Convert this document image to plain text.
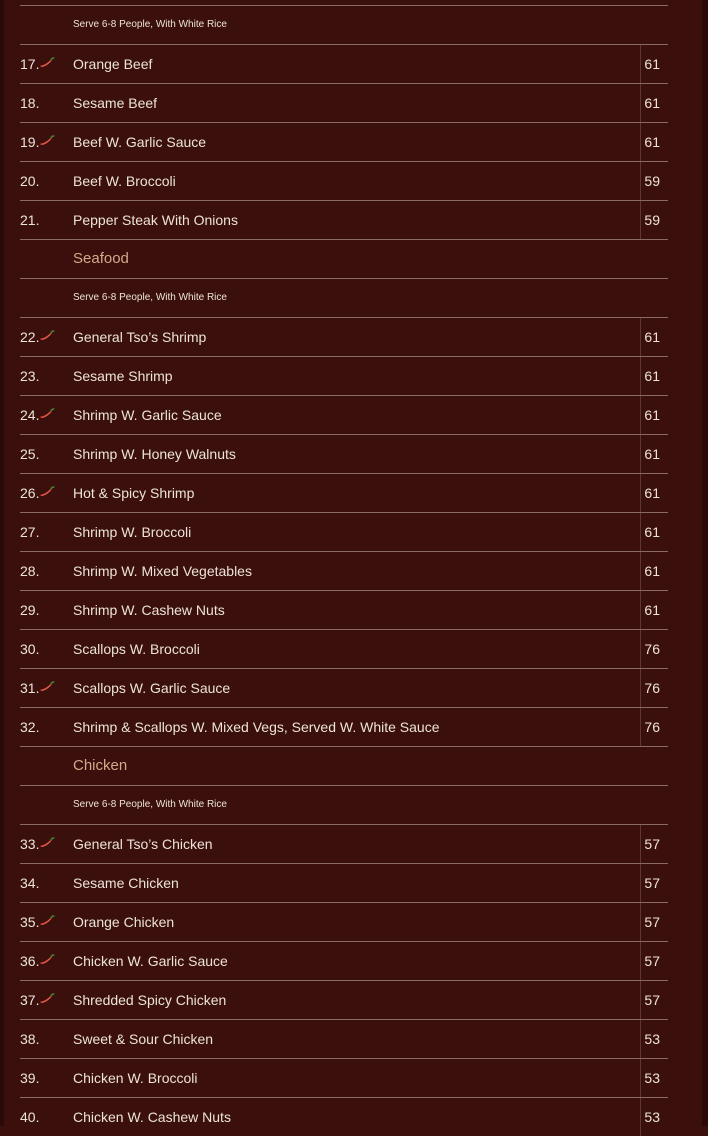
Serve 6-8 People, With White Rice
17. Orange Beef	61
18. Sesame Beef	61
19. Beef W. Garlic Sauce	61
20. Beef W. Broccoli	59
21. Pepper Steak With Onions	59
Seafood
Serve 6-8 People, With White Rice
22. General Tso’s Shrimp	61
23. Sesame Shrimp	61
24. Shrimp W. Garlic Sauce	61
25. Shrimp W. Honey Walnuts	61
26. Hot & Spicy Shrimp	61
27. Shrimp W. Broccoli	61
28. Shrimp W. Mixed Vegetables	61
29. Shrimp W. Cashew Nuts	61
30. Scallops W. Broccoli	76
31. Scallops W. Garlic Sauce	76
32. Shrimp & Scallops W. Mixed Vegs, Served W. White Sauce	76
Chicken
Serve 6-8 People, With White Rice
33. General Tso’s Chicken	57
34. Sesame Chicken	57
35. Orange Chicken	57
36. Chicken W. Garlic Sauce	57
37. Shredded Spicy Chicken	57
38. Sweet & Sour Chicken	53
39. Chicken W. Broccoli	53
40. Chicken W. Cashew Nuts	53
